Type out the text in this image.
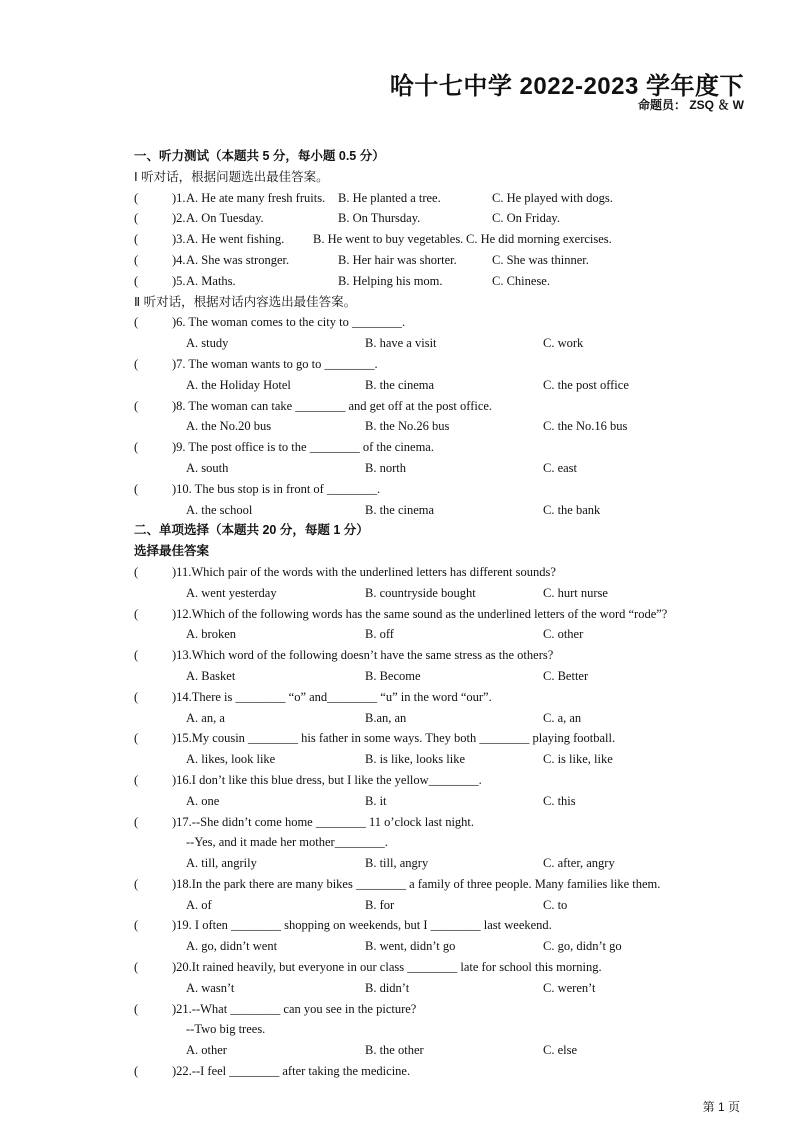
哈十七中学 2022-2023 学年度下
命题员： ZSQ ＆ W
一、听力测试（本题共 5 分，每小题 0.5 分）
Ⅰ 听对话，根据问题选出最佳答案。
(	)1. A. He ate many fresh fruits. B. He planted a tree.	C. He played with dogs.
(	)2. A. On Tuesday.	B. On Thursday.	C. On Friday.
(	)3. A. He went fishing. B. He went to buy vegetables. C. He did morning exercises.
(	)4. A. She was stronger.	B. Her hair was shorter.	C. She was thinner.
(	)5. A. Maths.	B. Helping his mom.	C. Chinese.
Ⅱ 听对话，根据对话内容选出最佳答案。
(	)6. The woman comes to the city to ________.
A. study	B. have a visit	C. work
(	)7. The woman wants to go to ________.
A. the Holiday Hotel	B. the cinema	C. the post office
(	)8. The woman can take ________ and get off at the post office.
A. the No.20 bus	B. the No.26 bus	C. the No.16 bus
(	)9. The post office is to the ________ of the cinema.
A. south	B. north	C. east
(	)10. The bus stop is in front of ________.
A. the school	B. the cinema	C. the bank
二、单项选择（本题共 20 分，每题 1 分）
选择最佳答案
(	)11.Which pair of the words with the underlined letters has different sounds?
A. went yesterday	B. countryside bought	C. hurt nurse
(	)12.Which of the following words has the same sound as the underlined letters of the word “rode”?
A. broken	B. off	C. other
(	)13.Which word of the following doesn’t have the same stress as the others?
A. Basket	B. Become	C. Better
(	)14.There is ________ “o” and________ “u” in the word “our”.
A. an, a	B.an, an	C. a, an
(	)15.My cousin ________ his father in some ways. They both ________ playing football.
A. likes, look like	B. is like, looks like	C. is like, like
(	)16.I don’t like this blue dress, but I like the yellow________.
A. one	B. it	C. this
(	)17.--She didn’t come home ________ 11 o’clock last night.
--Yes, and it made her mother________.
A. till, angrily	B. till, angry	C. after, angry
(	)18.In the park there are many bikes ________ a family of three people. Many families like them.
A. of	B. for	C. to
(	)19. I often ________ shopping on weekends, but I ________ last weekend.
A. go, didn’t went	B. went, didn’t go	C. go, didn’t go
(	)20.It rained heavily, but everyone in our class ________ late for school this morning.
A. wasn’t	B. didn’t	C. weren’t
(	)21.--What ________ can you see in the picture?
--Two big trees.
A. other	B. the other	C. else
(	)22.--I feel ________ after taking the medicine.
第 1 页
